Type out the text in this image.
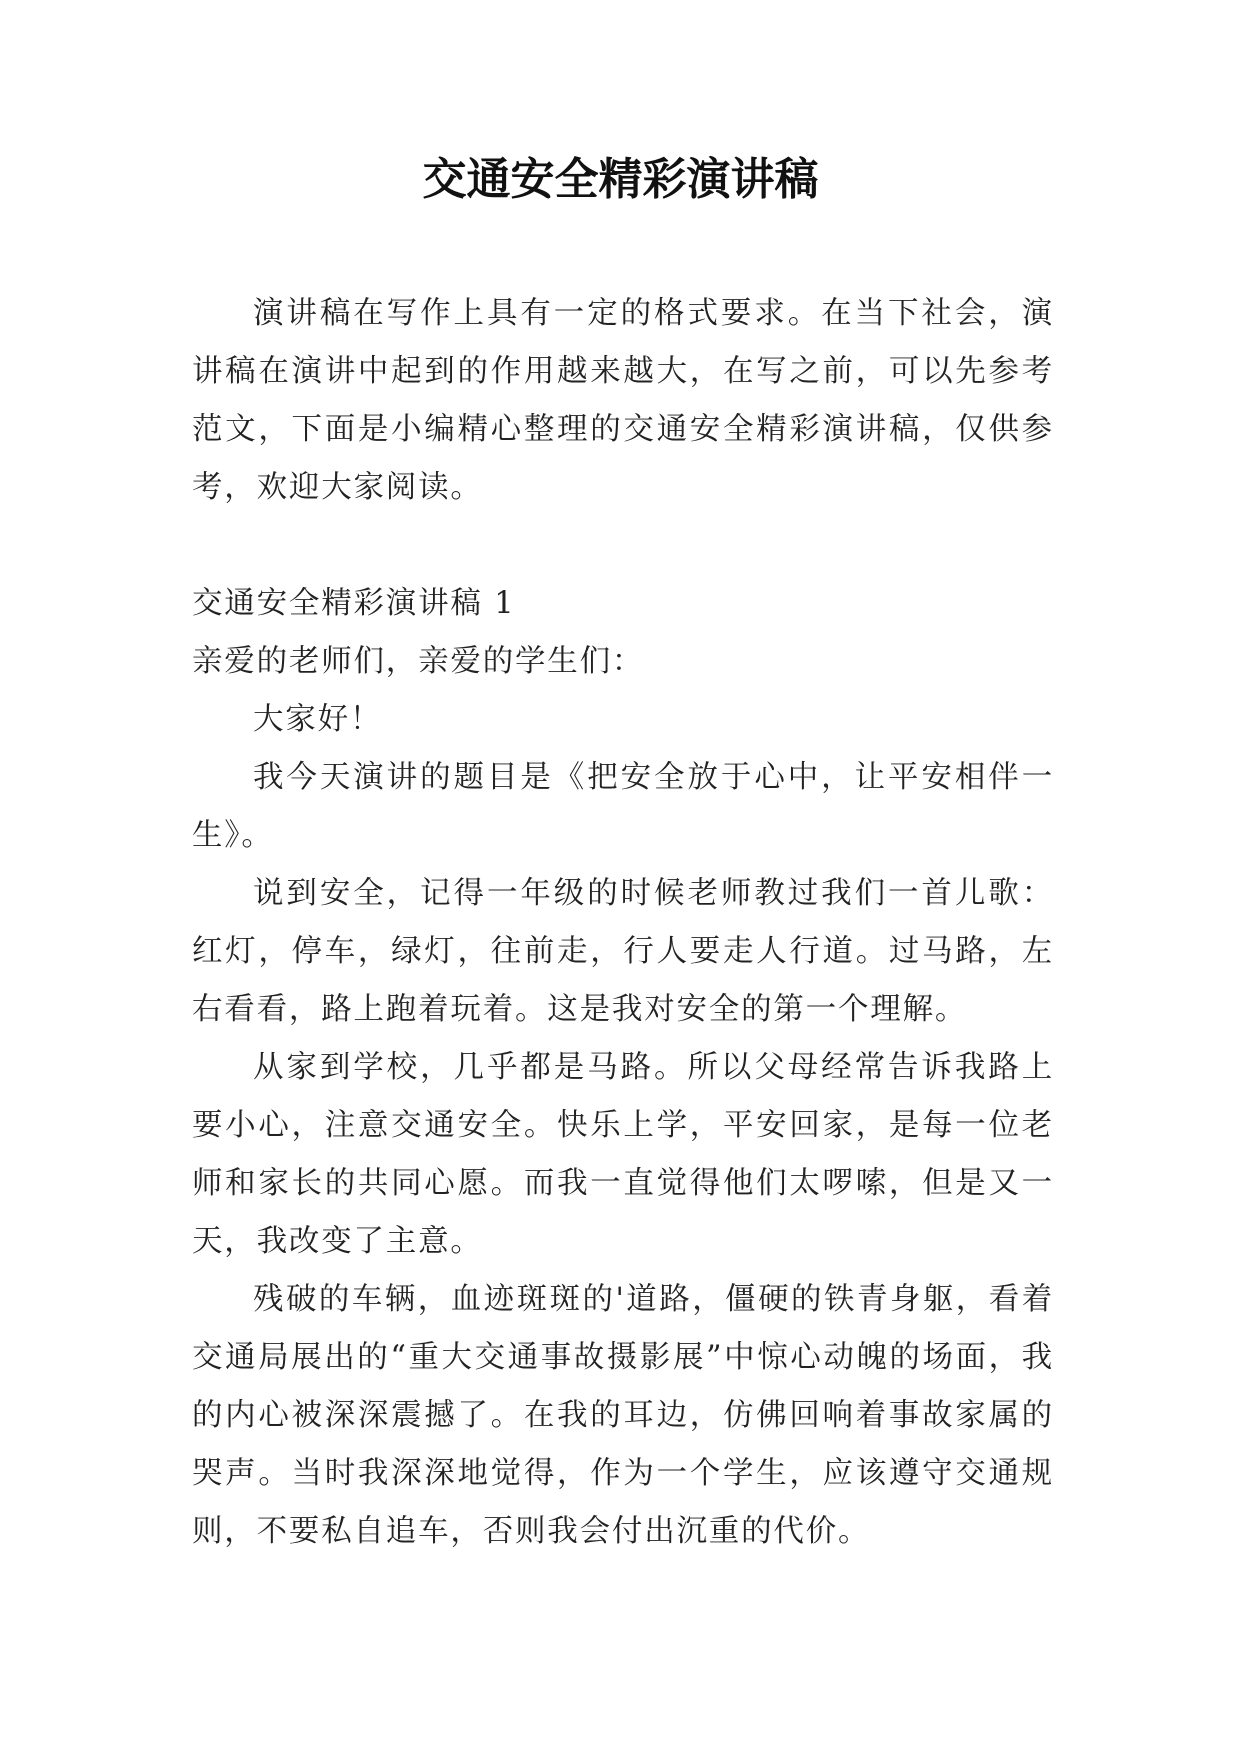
交通安全精彩演讲稿

演讲稿在写作上具有一定的格式要求。在当下社会，演讲稿在演讲中起到的作用越来越大，在写之前，可以先参考范文，下面是小编精心整理的交通安全精彩演讲稿，仅供参考，欢迎大家阅读。

交通安全精彩演讲稿 1

亲爱的老师们，亲爱的学生们：

大家好！

我今天演讲的题目是《把安全放于心中，让平安相伴一生》。

说到安全，记得一年级的时候老师教过我们一首儿歌：红灯，停车，绿灯，往前走，行人要走人行道。过马路，左右看看，路上跑着玩着。这是我对安全的第一个理解。

从家到学校，几乎都是马路。所以父母经常告诉我路上要小心，注意交通安全。快乐上学，平安回家，是每一位老师和家长的共同心愿。而我一直觉得他们太啰嗦，但是又一天，我改变了主意。

残破的车辆，血迹斑斑的'道路，僵硬的铁青身躯，看着交通局展出的“重大交通事故摄影展”中惊心动魄的场面，我的内心被深深震撼了。在我的耳边，仿佛回响着事故家属的哭声。当时我深深地觉得，作为一个学生，应该遵守交通规则，不要私自追车，否则我会付出沉重的代价。
